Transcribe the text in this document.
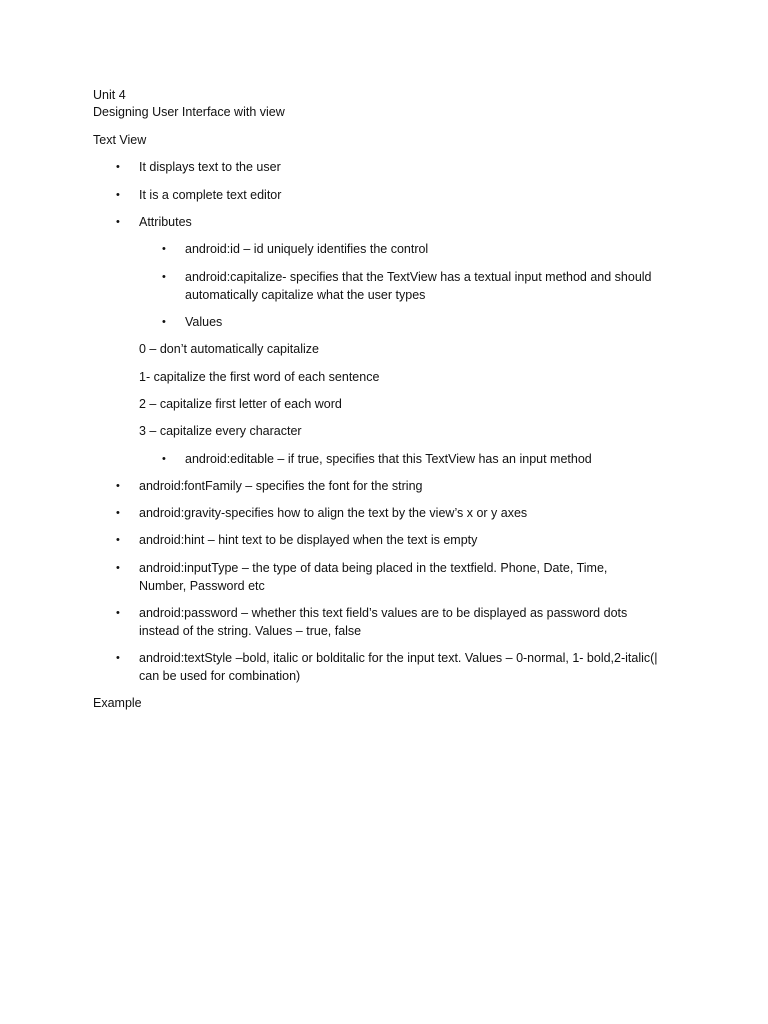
Unit 4
Designing User Interface with view
Text View
• It displays text to the user
• It is a complete text editor
• Attributes
• android:id – id uniquely identifies the control
• android:capitalize- specifies that the TextView has a textual input method and should automatically capitalize what the user types
• Values
0 – don’t automatically capitalize
1- capitalize the first word of each sentence
2 – capitalize first letter of each word
3 – capitalize every character
• android:editable – if true, specifies that this TextView has an input method
• android:fontFamily – specifies the font for the string
• android:gravity-specifies how to align the text by the view’s x or y axes
• android:hint – hint text to be displayed when the text is empty
• android:inputType – the type of data being placed in the textfield. Phone, Date, Time, Number, Password etc
• android:password – whether this text field’s values are to be displayed as password dots instead of the string. Values – true, false
• android:textStyle –bold, italic or bolditalic for the input text. Values – 0-normal, 1- bold,2-italic(| can be used for combination)
Example
